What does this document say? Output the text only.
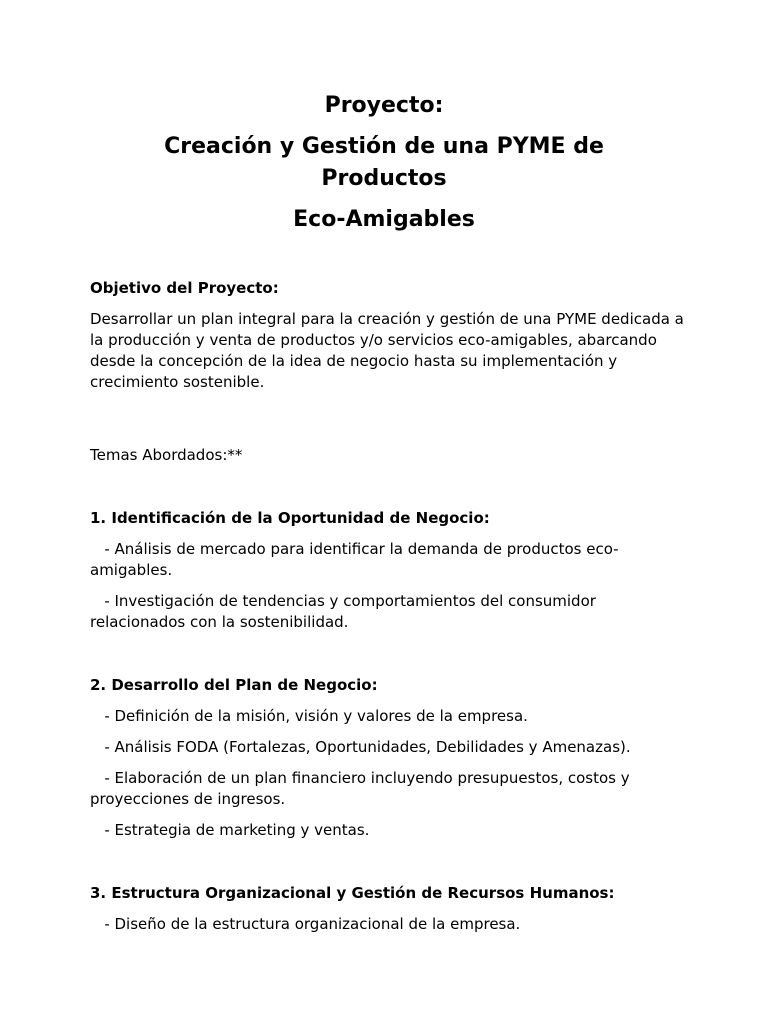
Proyecto:

Creación y Gestión de una PYME de Productos

Eco-Amigables

Objetivo del Proyecto:

Desarrollar un plan integral para la creación y gestión de una PYME dedicada a la producción y venta de productos y/o servicios eco-amigables, abarcando desde la concepción de la idea de negocio hasta su implementación y crecimiento sostenible.

Temas Abordados:**

1. Identificación de la Oportunidad de Negocio:

- Análisis de mercado para identificar la demanda de productos eco-amigables.

- Investigación de tendencias y comportamientos del consumidor relacionados con la sostenibilidad.

2. Desarrollo del Plan de Negocio:

- Definición de la misión, visión y valores de la empresa.

- Análisis FODA (Fortalezas, Oportunidades, Debilidades y Amenazas).

- Elaboración de un plan financiero incluyendo presupuestos, costos y proyecciones de ingresos.

- Estrategia de marketing y ventas.

3. Estructura Organizacional y Gestión de Recursos Humanos:

- Diseño de la estructura organizacional de la empresa.
